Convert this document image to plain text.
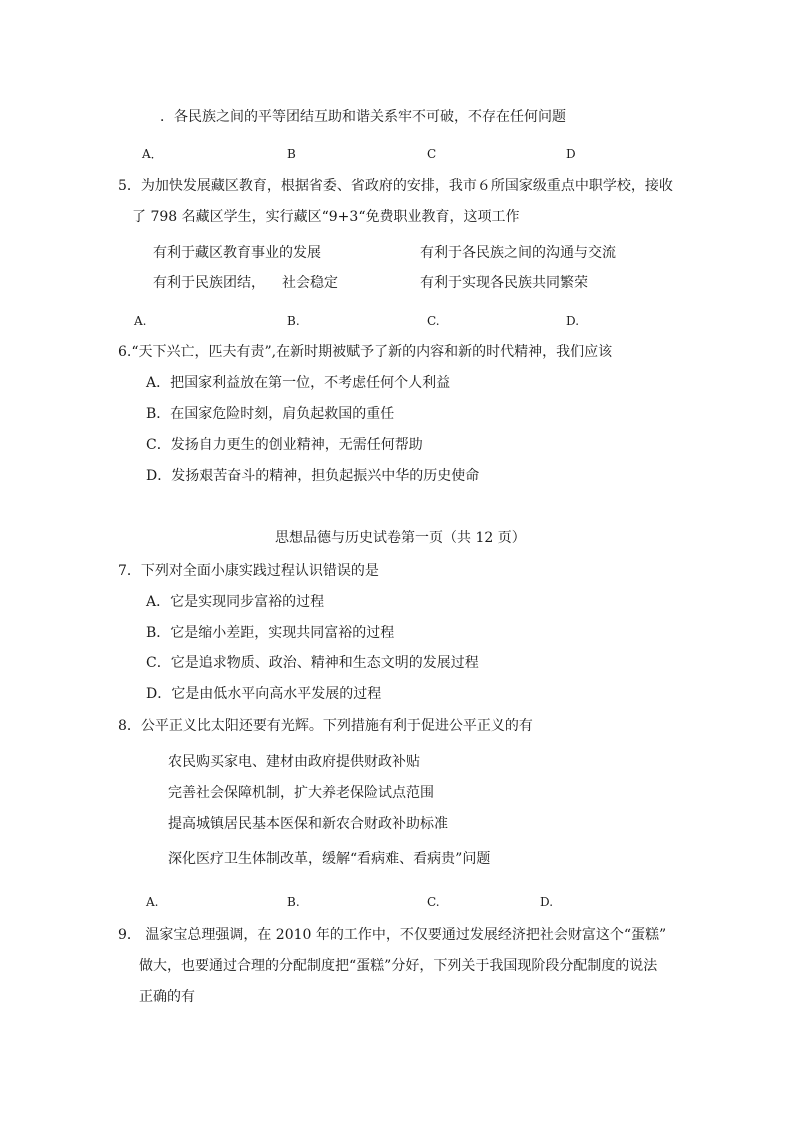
．各民族之间的平等团结互助和谐关系牢不可破，不存在任何问题
A．	B	C	D
5．为加快发展藏区教育，根据省委、省政府的安排，我市６所国家级重点中职学校，接收
了 798 名藏区学生，实行藏区“9+3“免费职业教育，这项工作
有利于藏区教育事业的发展	有利于各民族之间的沟通与交流
有利于民族团结， 社会稳定	有利于实现各民族共同繁荣
A.	B.	C.	D.
6.“天下兴亡，匹夫有责”,在新时期被赋予了新的内容和新的时代精神，我们应该
A．把国家利益放在第一位，不考虑任何个人利益
B．在国家危险时刻，肩负起救国的重任
C．发扬自力更生的创业精神，无需任何帮助
D．发扬艰苦奋斗的精神，担负起振兴中华的历史使命
思想品德与历史试卷第一页（共 12 页）
7．下列对全面小康实践过程认识错误的是
A．它是实现同步富裕的过程
B．它是缩小差距，实现共同富裕的过程
C．它是追求物质、政治、精神和生态文明的发展过程
D．它是由低水平向高水平发展的过程
8．公平正义比太阳还要有光辉。下列措施有利于促进公平正义的有
农民购买家电、建材由政府提供财政补贴
完善社会保障机制，扩大养老保险试点范围
提高城镇居民基本医保和新农合财政补助标准
深化医疗卫生体制改革，缓解“看病难、看病贵”问题
A.	B.	C.	D.
9． 温家宝总理强调，在 2010 年的工作中，不仅要通过发展经济把社会财富这个“蛋糕”
做大，也要通过合理的分配制度把“蛋糕”分好，下列关于我国现阶段分配制度的说法
正确的有
